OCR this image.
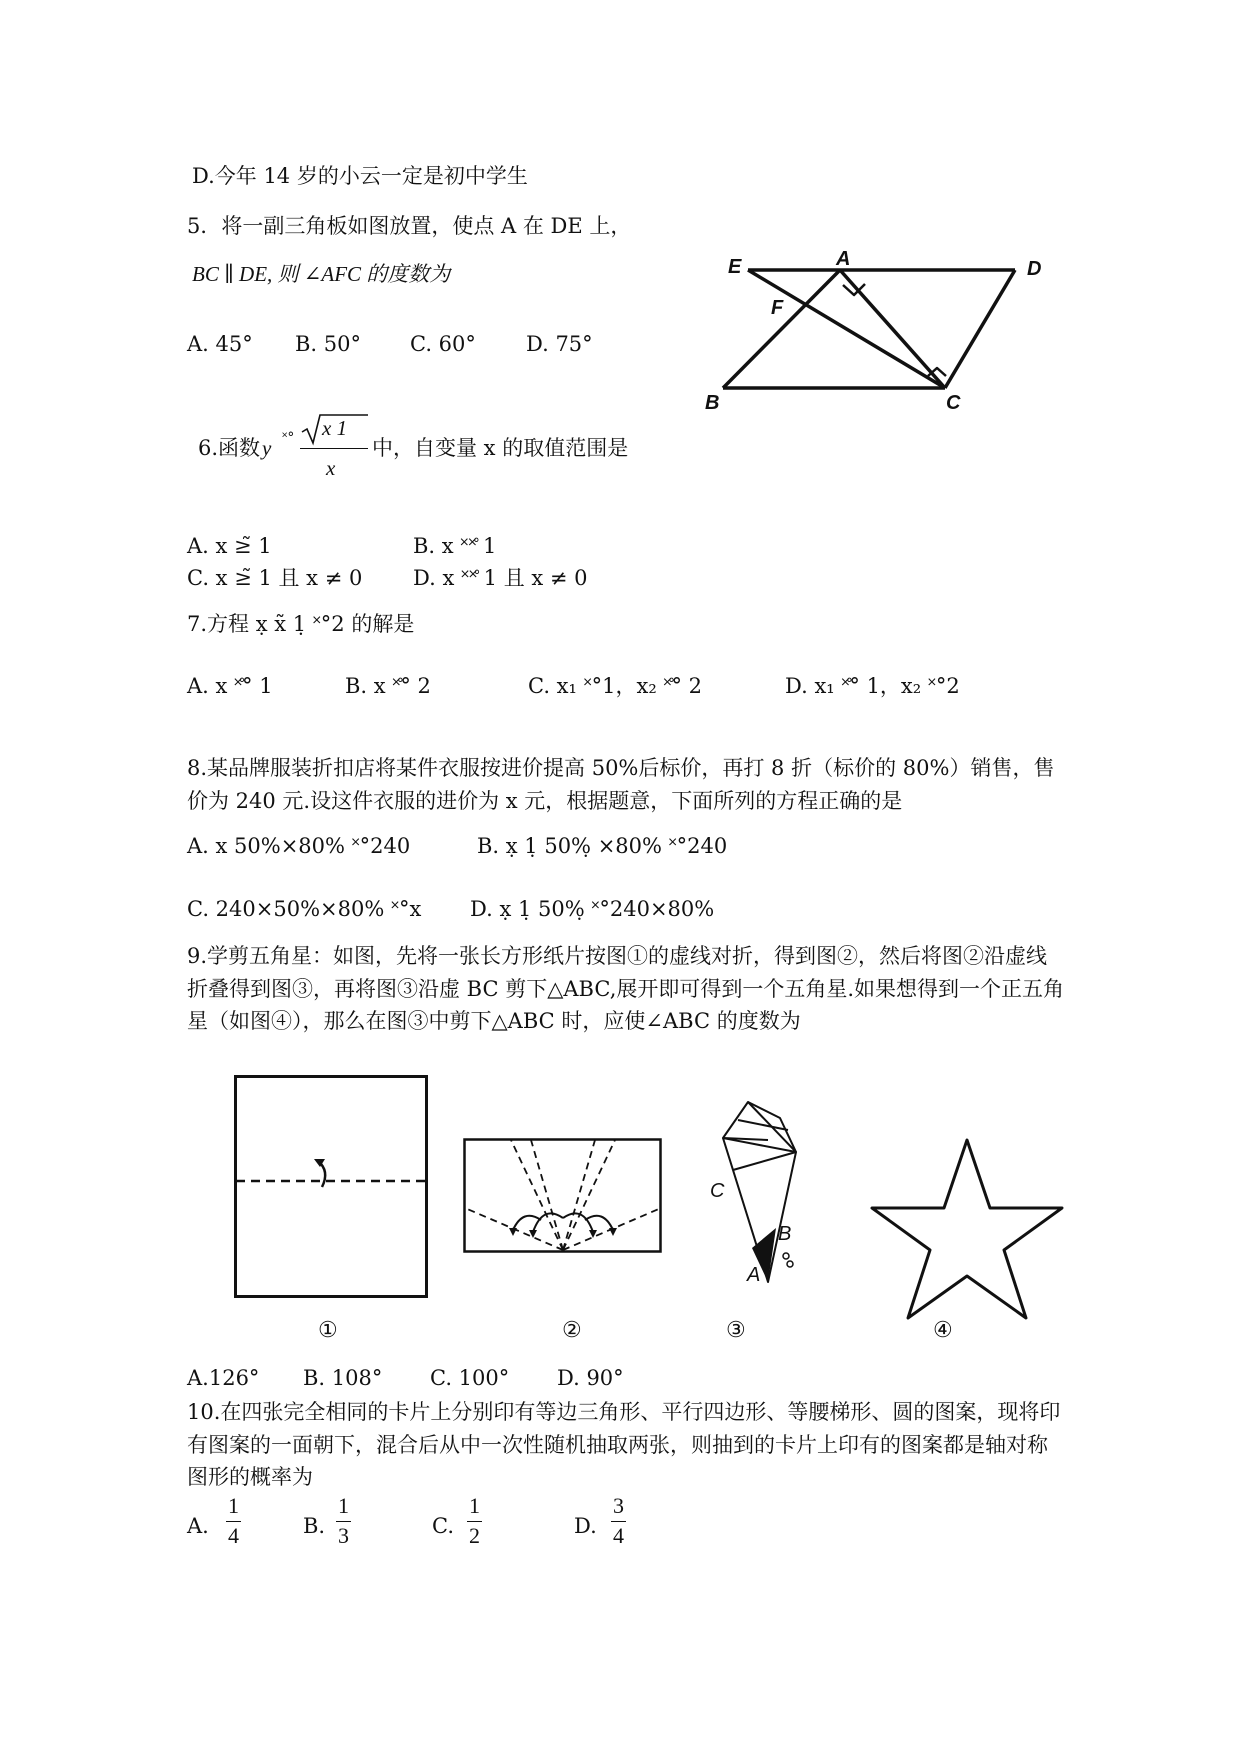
D.今年 14 岁的小云一定是初中学生
5．将一副三角板如图放置，使点 A 在 DE 上，
BC ∥ DE, 则 ∠AFC 的度数为
A. 45° B. 50° C. 60° D. 75°
E	A	D
F
B	C
6.函数 y ˟° x 1
x
中，自变量 x 的取值范围是
A. x ≥̃ 1	B. x ˟˟̊ 1
C. x ≥̃ 1 且 x ≠ 0 D. x ˟˟̊ 1 且 x ≠ 0
7.方程 x̣ x̃ 1̣ ˟°2 的解是
A. x ˟̊° 1	B. x ˟̊° 2	C. x₁ ˟°1，x₂ ˟̊° 2	D. x₁ ˟̊° 1，x₂ ˟°2
8.某品牌服装折扣店将某件衣服按进价提高 50%后标价，再打 8 折（标价的 80%）销售，售价为 240 元.设这件衣服的进价为 x 元，根据题意，下面所列的方程正确的是
A. x 50%×80% ˟°240	B. x̣ 1̣ 50%̣ ×80% ˟°240
C. 240×50%×80% ˟°x D. x̣ 1̣ 50%̣ ˟°240×80%
9.学剪五角星：如图，先将一张长方形纸片按图①的虚线对折，得到图②，然后将图②沿虚线折叠得到图③，再将图③沿虚 BC 剪下△ABC,展开即可得到一个五角星.如果想得到一个正五角星（如图④），那么在图③中剪下△ABC 时，应使∠ABC 的度数为
C
B
A
①	②	③	④
A.126° B. 108° C. 100° D. 90°
10.在四张完全相同的卡片上分别印有等边三角形、平行四边形、等腰梯形、圆的图案，现将印有图案的一面朝下，混合后从中一次性随机抽取两张，则抽到的卡片上印有的图案都是轴对称图形的概率为
A. $\frac{1}{4}$	B. $\frac{1}{3}$	C. $\frac{1}{2}$	D. $\frac{3}{4}$
